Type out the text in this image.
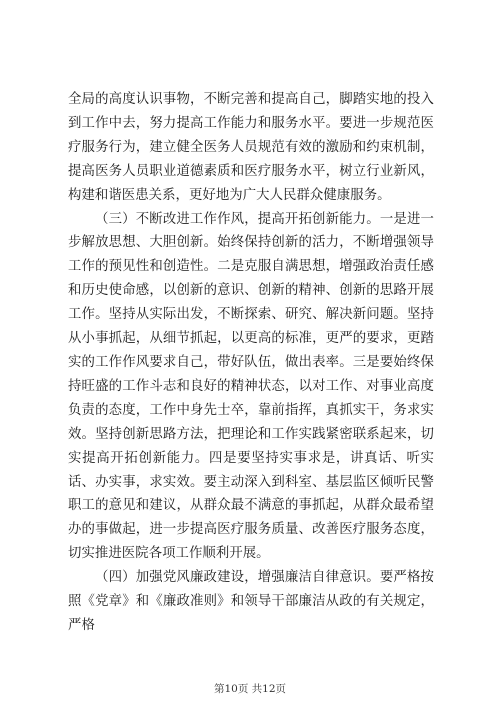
全局的高度认识事物，不断完善和提高自己，脚踏实地的投入到工作中去，努力提高工作能力和服务水平。要进一步规范医疗服务行为，建立健全医务人员规范有效的激励和约束机制，提高医务人员职业道德素质和医疗服务水平，树立行业新风，构建和谐医患关系，更好地为广大人民群众健康服务。

（三）不断改进工作作风，提高开拓创新能力。一是进一步解放思想、大胆创新。始终保持创新的活力，不断增强领导工作的预见性和创造性。二是克服自满思想，增强政治责任感和历史使命感，以创新的意识、创新的精神、创新的思路开展工作。坚持从实际出发，不断探索、研究、解决新问题。坚持从小事抓起，从细节抓起，以更高的标准，更严的要求，更踏实的工作作风要求自己，带好队伍，做出表率。三是要始终保持旺盛的工作斗志和良好的精神状态，以对工作、对事业高度负责的态度，工作中身先士卒，靠前指挥，真抓实干，务求实效。坚持创新思路方法，把理论和工作实践紧密联系起来，切实提高开拓创新能力。四是要坚持实事求是，讲真话、听实话、办实事，求实效。要主动深入到科室、基层监区倾听民警职工的意见和建议，从群众最不满意的事抓起，从群众最希望办的事做起，进一步提高医疗服务质量、改善医疗服务态度，切实推进医院各项工作顺利开展。

（四）加强党风廉政建设，增强廉洁自律意识。要严格按照《党章》和《廉政准则》和领导干部廉洁从政的有关规定，严格

第10页 共12页
